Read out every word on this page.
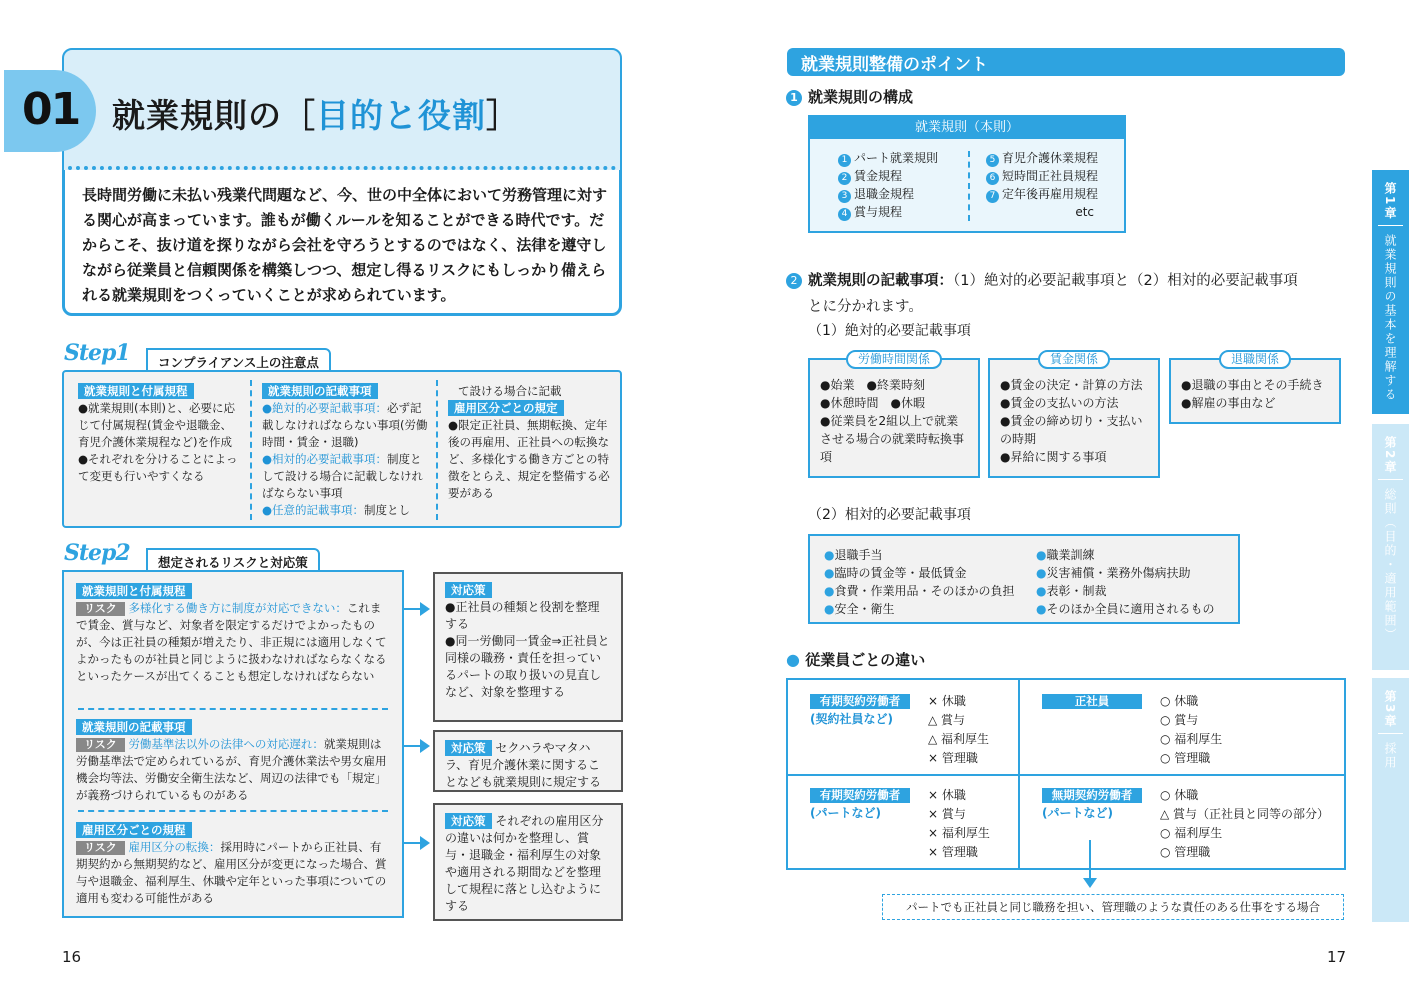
01 就業規則の［目的と役割］
長時間労働に未払い残業代問題など、今、世の中全体において労務管理に対する関心が高まっています。誰もが働くルールを知ることができる時代です。だからこそ、抜け道を探りながら会社を守ろうとするのではなく、法律を遵守しながら従業員と信頼関係を構築しつつ、想定し得るリスクにもしっかり備えられる就業規則をつくっていくことが求められています。
Step1	コンプライアンス上の注意点
就業規則と付属規程
●就業規則(本則)と、必要に応じて付属規程(賃金や退職金、育児介護休業規程など)を作成
●それぞれを分けることによって変更も行いやすくなる
就業規則の記載事項
●絶対的必要記載事項：必ず記載しなければならない事項(労働時間・賃金・退職)
●相対的必要記載事項：制度として設ける場合に記載しなければならない事項
●任意的記載事項：制度とし
て設ける場合に記載
雇用区分ごとの規定
●限定正社員、無期転換、定年後の再雇用、正社員への転換など、多様化する働き方ごとの特徴をとらえ、規定を整備する必要がある
Step2	想定されるリスクと対応策
就業規則と付属規程
リスク 多様化する働き方に制度が対応できない：これまで賃金、賞与など、対象者を限定するだけでよかったものが、今は正社員の種類が増えたり、非正規には適用しなくてよかったものが社員と同じように扱わなければならなくなるといったケースが出てくることも想定しなければならない
就業規則の記載事項
リスク 労働基準法以外の法律への対応遅れ：就業規則は労働基準法で定められているが、育児介護休業法や男女雇用機会均等法、労働安全衛生法など、周辺の法律でも「規定」が義務づけられているものがある
雇用区分ごとの規程
リスク 雇用区分の転換：採用時にパートから正社員、有期契約から無期契約など、雇用区分が変更になった場合、賞与や退職金、福利厚生、休職や定年といった事項についての適用も変わる可能性がある
対応策
●正社員の種類と役割を整理する
●同一労働同一賃金⇒正社員と同様の職務・責任を担っているパートの取り扱いの見直しなど、対象を整理する
対応策 セクハラやマタハラ、育児介護休業に関することなども就業規則に規定する
対応策 それぞれの雇用区分の違いは何かを整理し、賞与・退職金・福利厚生の対象や適用される期間などを整理して規程に落とし込むようにする
16
就業規則整備のポイント
1 就業規則の構成
就業規則（本則）
1 パート就業規則
2 賃金規程
3 退職金規程
4 賞与規程
5 育児介護休業規程
6 短時間正社員規程
7 定年後再雇用規程
etc
2 就業規則の記載事項：（1）絶対的必要記載事項と（2）相対的必要記載事項
とに分かれます。
（1）絶対的必要記載事項
労働時間関係
●始業　●終業時刻
●休憩時間　●休暇
●従業員を2組以上で就業させる場合の就業時転換事項
賃金関係
●賃金の決定・計算の方法
●賃金の支払いの方法
●賃金の締め切り・支払いの時期
●昇給に関する事項
退職関係
●退職の事由とその手続き
●解雇の事由など
（2）相対的必要記載事項
●退職手当
●臨時の賃金等・最低賃金
●食費・作業用品・そのほかの負担
●安全・衛生
●職業訓練
●災害補償・業務外傷病扶助
●表彰・制裁
●そのほか全員に適用されるもの
● 従業員ごとの違い
有期契約労働者
(契約社員など)
× 休職
△ 賞与
△ 福利厚生
× 管理職
正社員	○ 休職
○ 賞与
○ 福利厚生
○ 管理職
有期契約労働者
(パートなど)
× 休職
× 賞与
× 福利厚生
× 管理職
無期契約労働者
(パートなど)
○ 休職
△ 賞与（正社員と同等の部分）
○ 福利厚生
○ 管理職
パートでも正社員と同じ職務を担い、管理職のような責任のある仕事をする場合
17
第1章
就業規則の基本を理解する
第2章
総則（目的・適用範囲）
第3章
採用
